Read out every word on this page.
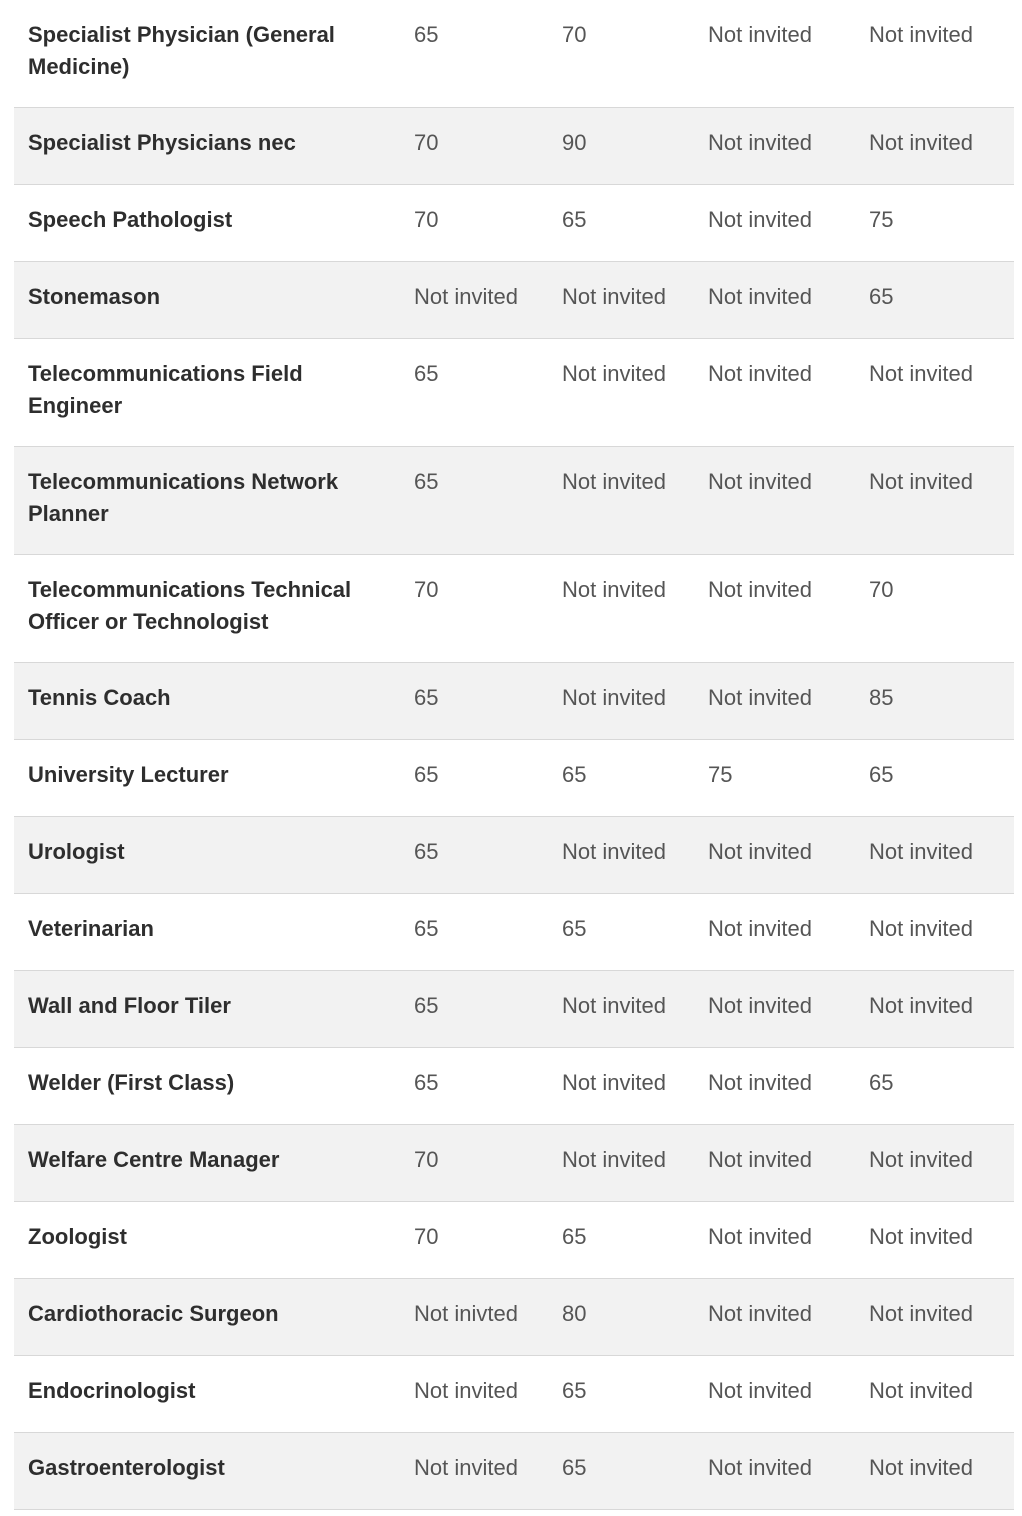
Specialist Physician (General Medicine)	65	70	Not invited	Not invited
Specialist Physicians nec	70	90	Not invited	Not invited
Speech Pathologist	70	65	Not invited	75
Stonemason	Not invited	Not invited	Not invited	65
Telecommunications Field Engineer	65	Not invited	Not invited	Not invited
Telecommunications Network Planner	65	Not invited	Not invited	Not invited
Telecommunications Technical Officer or Technologist	70	Not invited	Not invited	70
Tennis Coach	65	Not invited	Not invited	85
University Lecturer	65	65	75	65
Urologist	65	Not invited	Not invited	Not invited
Veterinarian	65	65	Not invited	Not invited
Wall and Floor Tiler	65	Not invited	Not invited	Not invited
Welder (First Class)	65	Not invited	Not invited	65
Welfare Centre Manager	70	Not invited	Not invited	Not invited
Zoologist	70	65	Not invited	Not invited
Cardiothoracic Surgeon	Not inivted	80	Not invited	Not invited
Endocrinologist	Not invited	65	Not invited	Not invited
Gastroenterologist	Not invited	65	Not invited	Not invited
